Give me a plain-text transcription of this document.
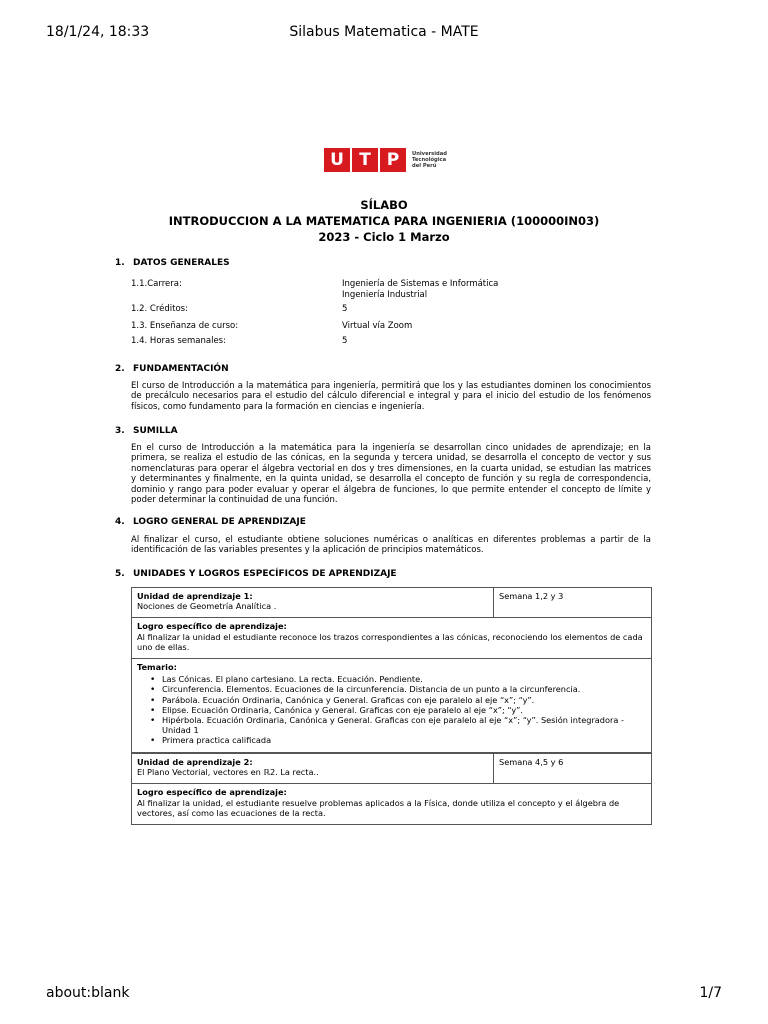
18/1/24, 18:33	Silabus Matematica - MATE
U T P	Universidad
Tecnológica
del Perú
SÍLABO
INTRODUCCION A LA MATEMATICA PARA INGENIERIA (100000IN03)
2023 - Ciclo 1 Marzo
1. DATOS GENERALES
1.1.Carrera:	Ingeniería de Sistemas e Informática
Ingeniería Industrial
1.2. Créditos:	5
1.3. Enseñanza de curso:	Virtual vía Zoom
1.4. Horas semanales:	5
2. FUNDAMENTACIÓN
El curso de Introducción a la matemática para ingeniería, permitirá que los y las estudiantes dominen los conocimientos de precálculo necesarios para el estudio del cálculo diferencial e integral y para el inicio del estudio de los fenómenos físicos, como fundamento para la formación en ciencias e ingeniería.
3. SUMILLA
En el curso de Introducción a la matemática para la ingeniería se desarrollan cinco unidades de aprendizaje; en la primera, se realiza el estudio de las cónicas, en la segunda y tercera unidad, se desarrolla el concepto de vector y sus nomenclaturas para operar el álgebra vectorial en dos y tres dimensiones, en la cuarta unidad, se estudian las matrices y determinantes y finalmente, en la quinta unidad, se desarrolla el concepto de función y su regla de correspondencia, dominio y rango para poder evaluar y operar el álgebra de funciones, lo que permite entender el concepto de límite y poder determinar la continuidad de una función.
4. LOGRO GENERAL DE APRENDIZAJE
Al finalizar el curso, el estudiante obtiene soluciones numéricas o analíticas en diferentes problemas a partir de la identificación de las variables presentes y la aplicación de principios matemáticos.
5. UNIDADES Y LOGROS ESPECÍFICOS DE APRENDIZAJE
Unidad de aprendizaje 1:
Nociones de Geometría Analítica .
	Semana 1,2 y 3

Logro específico de aprendizaje:
Al finalizar la unidad el estudiante reconoce los trazos correspondientes a las cónicas, reconociendo los elementos de cada uno de ellas.

Temario:
• Las Cónicas. El plano cartesiano. La recta. Ecuación. Pendiente.
• Circunferencia. Elementos. Ecuaciones de la circunferencia. Distancia de un punto a la circunferencia.
• Parábola. Ecuación Ordinaria, Canónica y General. Graficas con eje paralelo al eje “x”; “y”.
• Elipse. Ecuación Ordinaria, Canónica y General. Graficas con eje paralelo al eje “x”; “y”.
• Hipérbola. Ecuación Ordinaria, Canónica y General. Graficas con eje paralelo al eje “x”; “y”. Sesión integradora - Unidad 1
• Primera practica calificada
Unidad de aprendizaje 2:
El Plano Vectorial, vectores en ℝ2. La recta..
	Semana 4,5 y 6

Logro específico de aprendizaje:
Al finalizar la unidad, el estudiante resuelve problemas aplicados a la Física, donde utiliza el concepto y el álgebra de vectores, así como las ecuaciones de la recta.
about:blank	1/7
